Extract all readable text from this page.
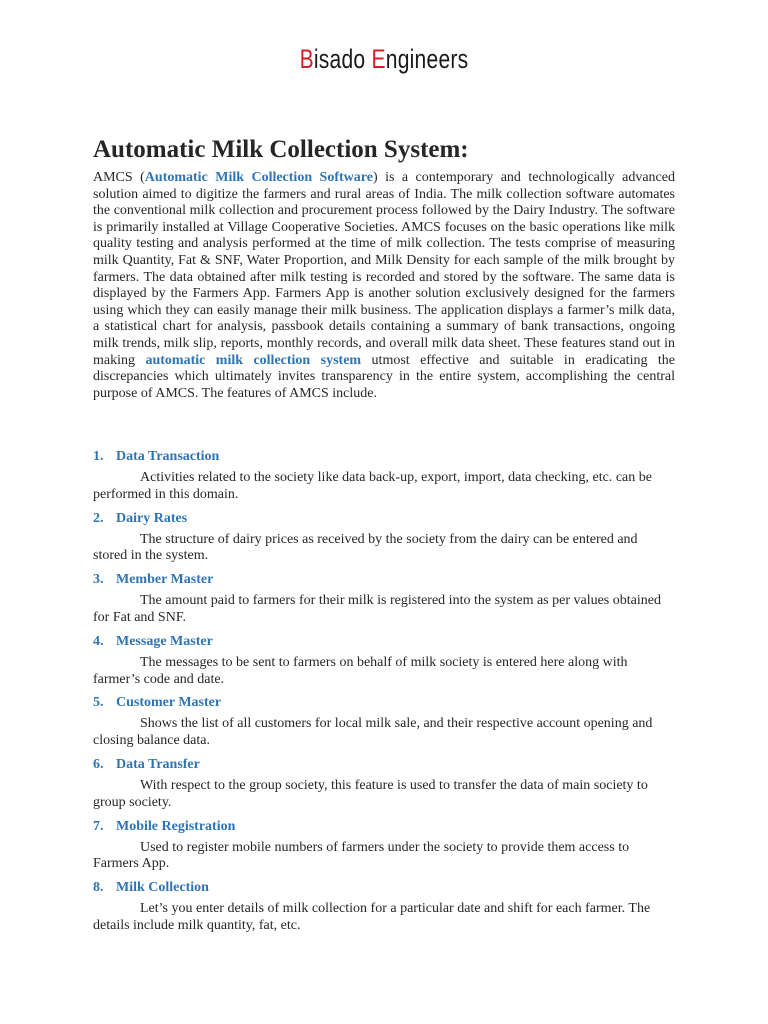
Bisado Engineers
Automatic Milk Collection System:

AMCS (Automatic Milk Collection Software) is a contemporary and technologically advanced solution aimed to digitize the farmers and rural areas of India. The milk collection software automates the conventional milk collection and procurement process followed by the Dairy Industry. The software is primarily installed at Village Cooperative Societies. AMCS focuses on the basic operations like milk quality testing and analysis performed at the time of milk collection. The tests comprise of measuring milk Quantity, Fat & SNF, Water Proportion, and Milk Density for each sample of the milk brought by farmers. The data obtained after milk testing is recorded and stored by the software. The same data is displayed by the Farmers App. Farmers App is another solution exclusively designed for the farmers using which they can easily manage their milk business. The application displays a farmer’s milk data, a statistical chart for analysis, passbook details containing a summary of bank transactions, ongoing milk trends, milk slip, reports, monthly records, and overall milk data sheet. These features stand out in making automatic milk collection system utmost effective and suitable in eradicating the discrepancies which ultimately invites transparency in the entire system, accomplishing the central purpose of AMCS. The features of AMCS include.

1. Data Transaction

Activities related to the society like data back-up, export, import, data checking, etc. can be performed in this domain.

2. Dairy Rates

The structure of dairy prices as received by the society from the dairy can be entered and stored in the system.

3. Member Master

The amount paid to farmers for their milk is registered into the system as per values obtained for Fat and SNF.

4. Message Master

The messages to be sent to farmers on behalf of milk society is entered here along with farmer’s code and date.

5. Customer Master

Shows the list of all customers for local milk sale, and their respective account opening and closing balance data.

6. Data Transfer

With respect to the group society, this feature is used to transfer the data of main society to group society.

7. Mobile Registration

Used to register mobile numbers of farmers under the society to provide them access to Farmers App.

8. Milk Collection

Let’s you enter details of milk collection for a particular date and shift for each farmer. The details include milk quantity, fat, etc.
